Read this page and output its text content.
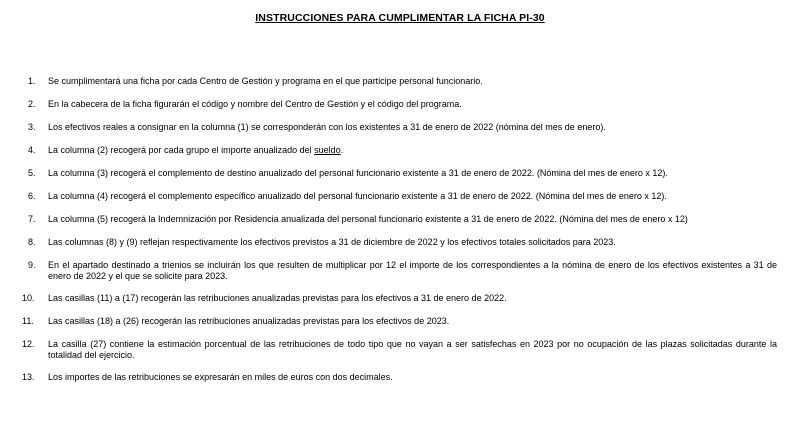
INSTRUCCIONES PARA CUMPLIMENTAR LA FICHA PI-30
1.	Se cumplimentará una ficha por cada Centro de Gestión y programa en el que participe personal funcionario.
2.	En la cabecera de la ficha figurarán el código y nombre del Centro de Gestión y el código del programa.
3.	Los efectivos reales a consignar en la columna (1) se corresponderán con los existentes a 31 de enero de 2022 (nómina del mes de enero).
4.	La columna (2) recogerá por cada grupo el importe anualizado del sueldo.
5.	La columna (3) recogerá el complemento de destino anualizado del personal funcionario existente a 31 de enero de 2022. (Nómina del mes de enero x 12).
6.	La columna (4) recogerá el complemento específico anualizado del personal funcionario existente a 31 de enero de 2022. (Nómina del mes de enero x 12).
7.	La columna (5) recogerá la Indemnización por Residencia anualizada del personal funcionario existente a 31 de enero de 2022. (Nómina del mes de enero x 12)
8.	Las columnas (8) y (9) reflejan respectivamente los efectivos previstos a 31 de diciembre de 2022 y los efectivos totales solicitados para 2023.
9.	En el apartado destinado a trienios se incluirán los que resulten de multiplicar por 12 el importe de los correspondientes a la nómina de enero de los efectivos existentes a 31 de enero de 2022 y el que se solicite para 2023.
10.	Las casillas (11) a (17) recogerán las retribuciones anualizadas previstas para los efectivos a 31 de enero de 2022.
11.	Las casillas (18) a (26) recogerán las retribuciones anualizadas previstas para los efectivos de 2023.
12.	La casilla (27) contiene la estimación porcentual de las retribuciones de todo tipo que no vayan a ser satisfechas en 2023 por no ocupación de las plazas solicitadas durante la totalidad del ejercicio.
13.	Los importes de las retribuciones se expresarán en miles de euros con dos decimales.
